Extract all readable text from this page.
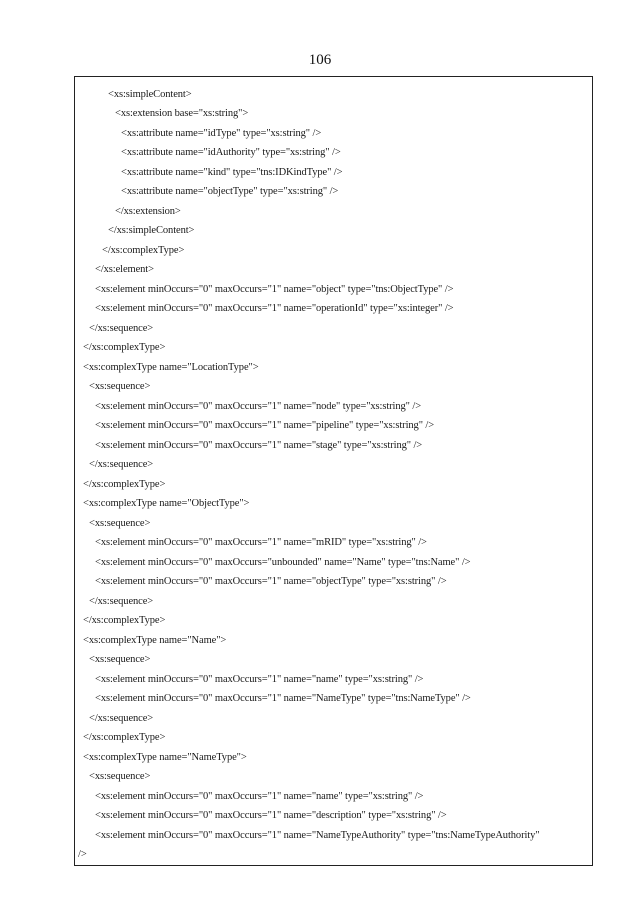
106
<xs:simpleContent>
<xs:extension base="xs:string">
<xs:attribute name="idType" type="xs:string" />
<xs:attribute name="idAuthority" type="xs:string" />
<xs:attribute name="kind" type="tns:IDKindType" />
<xs:attribute name="objectType" type="xs:string" />
</xs:extension>
</xs:simpleContent>
</xs:complexType>
</xs:element>
<xs:element minOccurs="0" maxOccurs="1" name="object" type="tns:ObjectType" />
<xs:element minOccurs="0" maxOccurs="1" name="operationId" type="xs:integer" />
</xs:sequence>
</xs:complexType>
<xs:complexType name="LocationType">
<xs:sequence>
<xs:element minOccurs="0" maxOccurs="1" name="node" type="xs:string" />
<xs:element minOccurs="0" maxOccurs="1" name="pipeline" type="xs:string" />
<xs:element minOccurs="0" maxOccurs="1" name="stage" type="xs:string" />
</xs:sequence>
</xs:complexType>
<xs:complexType name="ObjectType">
<xs:sequence>
<xs:element minOccurs="0" maxOccurs="1" name="mRID" type="xs:string" />
<xs:element minOccurs="0" maxOccurs="unbounded" name="Name" type="tns:Name" />
<xs:element minOccurs="0" maxOccurs="1" name="objectType" type="xs:string" />
</xs:sequence>
</xs:complexType>
<xs:complexType name="Name">
<xs:sequence>
<xs:element minOccurs="0" maxOccurs="1" name="name" type="xs:string" />
<xs:element minOccurs="0" maxOccurs="1" name="NameType" type="tns:NameType" />
</xs:sequence>
</xs:complexType>
<xs:complexType name="NameType">
<xs:sequence>
<xs:element minOccurs="0" maxOccurs="1" name="name" type="xs:string" />
<xs:element minOccurs="0" maxOccurs="1" name="description" type="xs:string" />
<xs:element minOccurs="0" maxOccurs="1" name="NameTypeAuthority" type="tns:NameTypeAuthority"
/>
